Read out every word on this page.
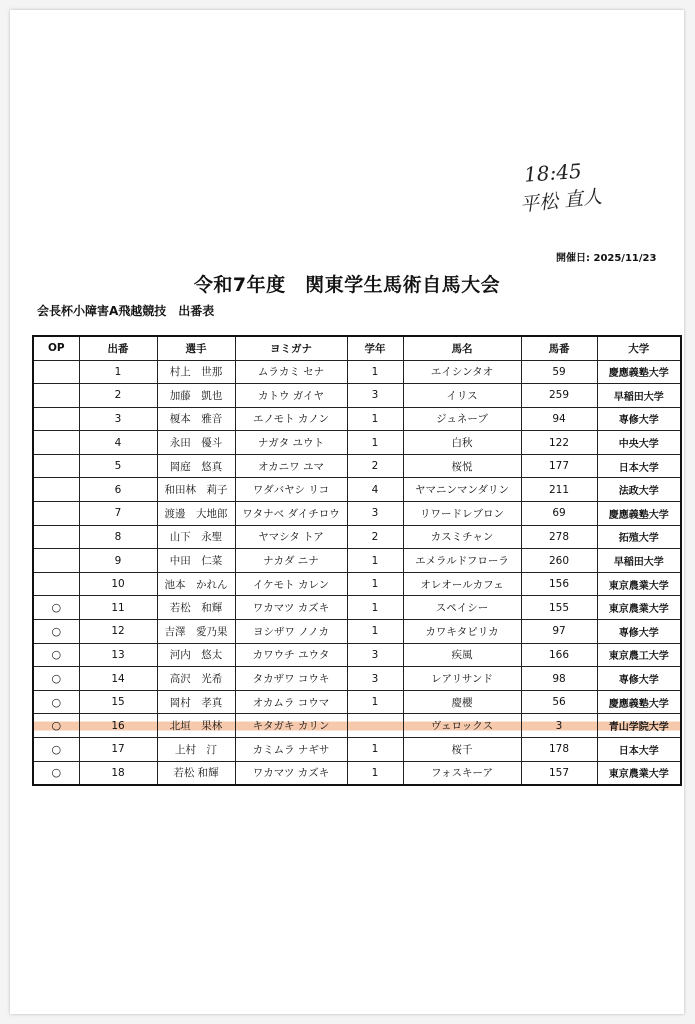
18:45
平松 直人
開催日: 2025/11/23
令和7年度　関東学生馬術自馬大会
会長杯小障害A飛越競技　出番表
OP	出番	選手	ヨミガナ	学年	馬名	馬番	大学
	1	村上　世那	ムラカミ セナ	1	エイシンタオ	59	慶應義塾大学
	2	加藤　凱也	カトウ ガイヤ	3	イリス	259	早稲田大学
	3	榎本　雅音	エノモト カノン	1	ジュネーブ	94	専修大学
	4	永田　優斗	ナガタ ユウト	1	白秋	122	中央大学
	5	岡庭　悠真	オカニワ ユマ	2	桜悦	177	日本大学
	6	和田林　莉子	ワダバヤシ リコ	4	ヤマニンマンダリン	211	法政大学
	7	渡邊　大地郎	ワタナベ ダイチロウ	3	リワードレブロン	69	慶應義塾大学
	8	山下　永聖	ヤマシタ トア	2	カスミチャン	278	拓殖大学
	9	中田　仁菜	ナカダ ニナ	1	エメラルドフローラ	260	早稲田大学
	10	池本　かれん	イケモト カレン	1	オレオールカフェ	156	東京農業大学
○	11	若松　和輝	ワカマツ カズキ	1	スペイシー	155	東京農業大学
○	12	吉澤　愛乃果	ヨシザワ ノノカ	1	カワキタピリカ	97	専修大学
○	13	河内　悠太	カワウチ ユウタ	3	疾風	166	東京農工大学
○	14	高沢　光希	タカザワ コウキ	3	レアリサンド	98	専修大学
○	15	岡村　孝真	オカムラ コウマ	1	慶櫻	56	慶應義塾大学
○	16	北垣　果林	キタガキ カリン		ヴェロックス	3	青山学院大学
○	17	上村　汀	カミムラ ナギサ	1	桜千	178	日本大学
○	18	若松 和輝	ワカマツ カズキ	1	フォスキーア	157	東京農業大学
